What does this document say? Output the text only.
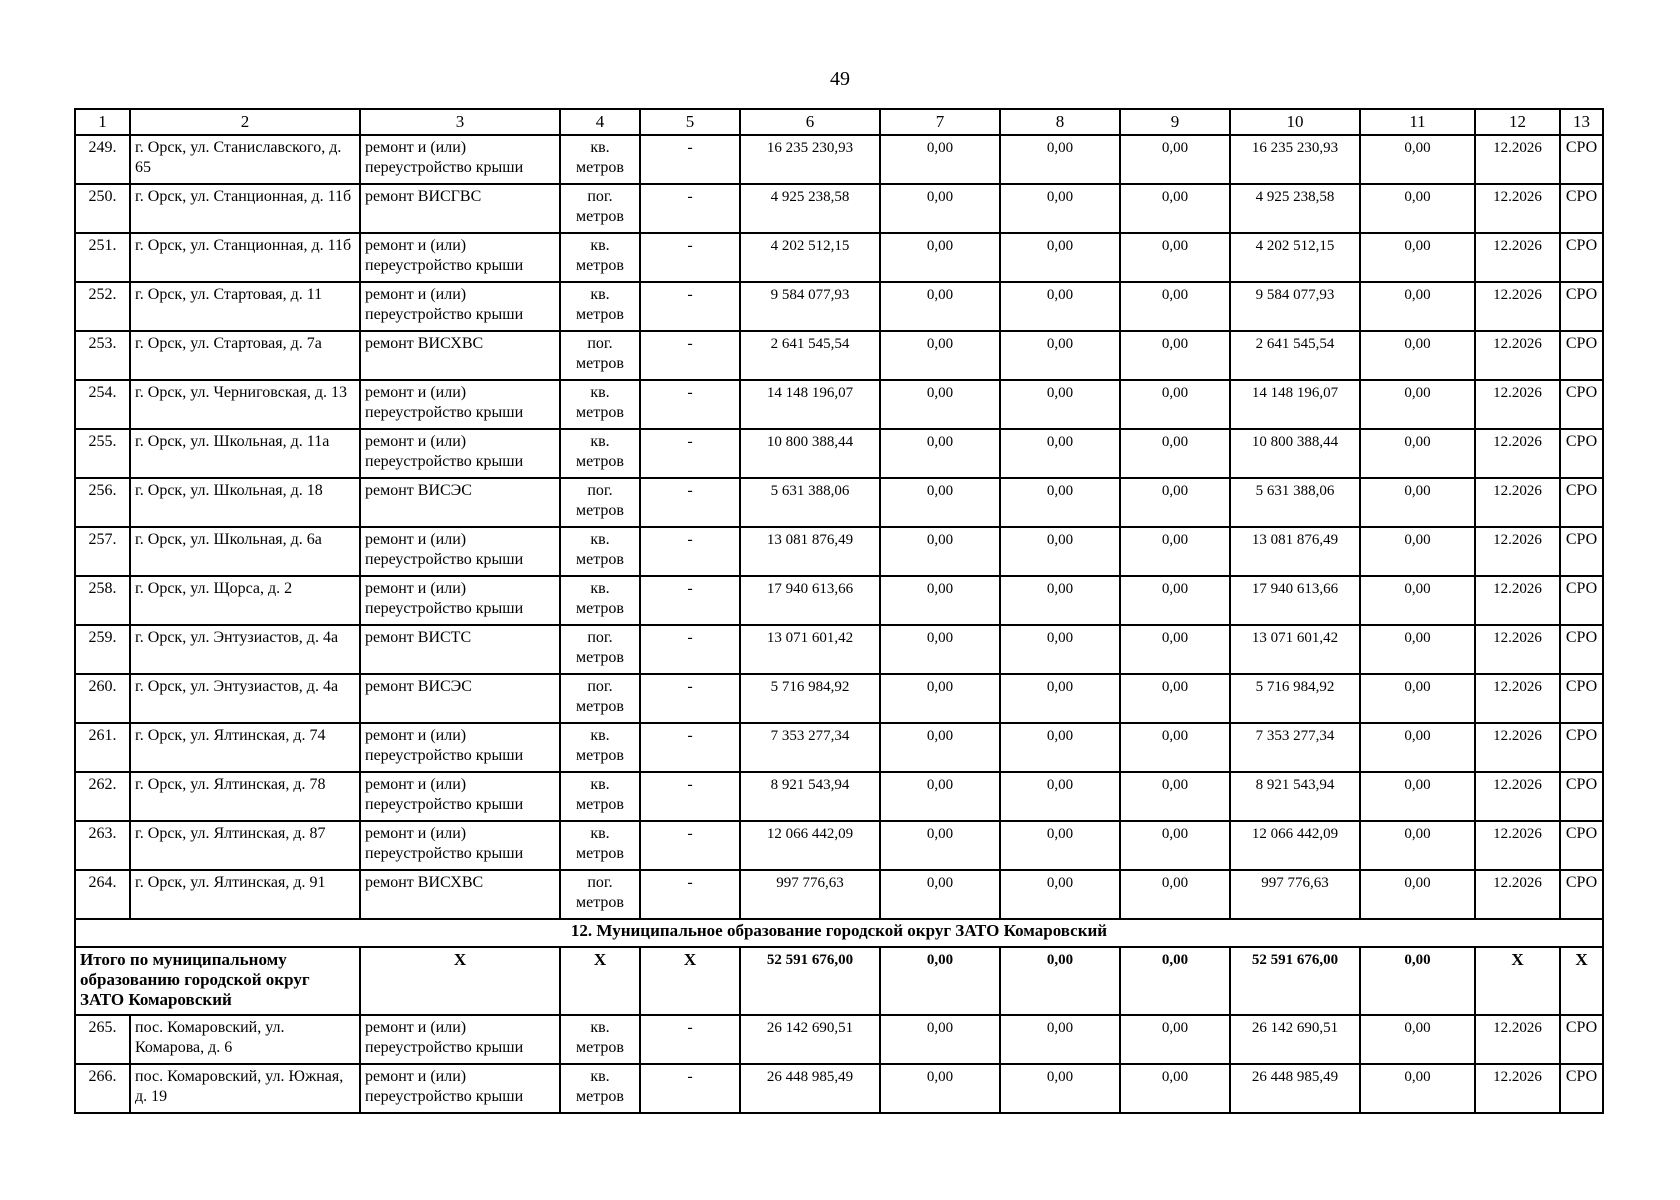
49
1	2	3	4	5	6	7	8	9	10	11	12	13
249.	г. Орск, ул. Станиславского, д. 65	ремонт и (или) переустройство крыши	кв. метров	-	16 235 230,93	0,00	0,00	0,00	16 235 230,93	0,00	12.2026	СРО
250.	г. Орск, ул. Станционная, д. 11б	ремонт ВИСГВС	пог. метров	-	4 925 238,58	0,00	0,00	0,00	4 925 238,58	0,00	12.2026	СРО
251.	г. Орск, ул. Станционная, д. 11б	ремонт и (или) переустройство крыши	кв. метров	-	4 202 512,15	0,00	0,00	0,00	4 202 512,15	0,00	12.2026	СРО
252.	г. Орск, ул. Стартовая, д. 11	ремонт и (или) переустройство крыши	кв. метров	-	9 584 077,93	0,00	0,00	0,00	9 584 077,93	0,00	12.2026	СРО
253.	г. Орск, ул. Стартовая, д. 7а	ремонт ВИСХВС	пог. метров	-	2 641 545,54	0,00	0,00	0,00	2 641 545,54	0,00	12.2026	СРО
254.	г. Орск, ул. Черниговская, д. 13	ремонт и (или) переустройство крыши	кв. метров	-	14 148 196,07	0,00	0,00	0,00	14 148 196,07	0,00	12.2026	СРО
255.	г. Орск, ул. Школьная, д. 11а	ремонт и (или) переустройство крыши	кв. метров	-	10 800 388,44	0,00	0,00	0,00	10 800 388,44	0,00	12.2026	СРО
256.	г. Орск, ул. Школьная, д. 18	ремонт ВИСЭС	пог. метров	-	5 631 388,06	0,00	0,00	0,00	5 631 388,06	0,00	12.2026	СРО
257.	г. Орск, ул. Школьная, д. 6а	ремонт и (или) переустройство крыши	кв. метров	-	13 081 876,49	0,00	0,00	0,00	13 081 876,49	0,00	12.2026	СРО
258.	г. Орск, ул. Щорса, д. 2	ремонт и (или) переустройство крыши	кв. метров	-	17 940 613,66	0,00	0,00	0,00	17 940 613,66	0,00	12.2026	СРО
259.	г. Орск, ул. Энтузиастов, д. 4а	ремонт ВИСТС	пог. метров	-	13 071 601,42	0,00	0,00	0,00	13 071 601,42	0,00	12.2026	СРО
260.	г. Орск, ул. Энтузиастов, д. 4а	ремонт ВИСЭС	пог. метров	-	5 716 984,92	0,00	0,00	0,00	5 716 984,92	0,00	12.2026	СРО
261.	г. Орск, ул. Ялтинская, д. 74	ремонт и (или) переустройство крыши	кв. метров	-	7 353 277,34	0,00	0,00	0,00	7 353 277,34	0,00	12.2026	СРО
262.	г. Орск, ул. Ялтинская, д. 78	ремонт и (или) переустройство крыши	кв. метров	-	8 921 543,94	0,00	0,00	0,00	8 921 543,94	0,00	12.2026	СРО
263.	г. Орск, ул. Ялтинская, д. 87	ремонт и (или) переустройство крыши	кв. метров	-	12 066 442,09	0,00	0,00	0,00	12 066 442,09	0,00	12.2026	СРО
264.	г. Орск, ул. Ялтинская, д. 91	ремонт ВИСХВС	пог. метров	-	997 776,63	0,00	0,00	0,00	997 776,63	0,00	12.2026	СРО
12. Муниципальное образование городской округ ЗАТО Комаровский												
Итого по муниципальному образованию городской округ ЗАТО Комаровский		X	X	X	52 591 676,00	0,00	0,00	0,00	52 591 676,00	0,00	X	X
265.	пос. Комаровский, ул. Комарова, д. 6	ремонт и (или) переустройство крыши	кв. метров	-	26 142 690,51	0,00	0,00	0,00	26 142 690,51	0,00	12.2026	СРО
266.	пос. Комаровский, ул. Южная, д. 19	ремонт и (или) переустройство крыши	кв. метров	-	26 448 985,49	0,00	0,00	0,00	26 448 985,49	0,00	12.2026	СРО
